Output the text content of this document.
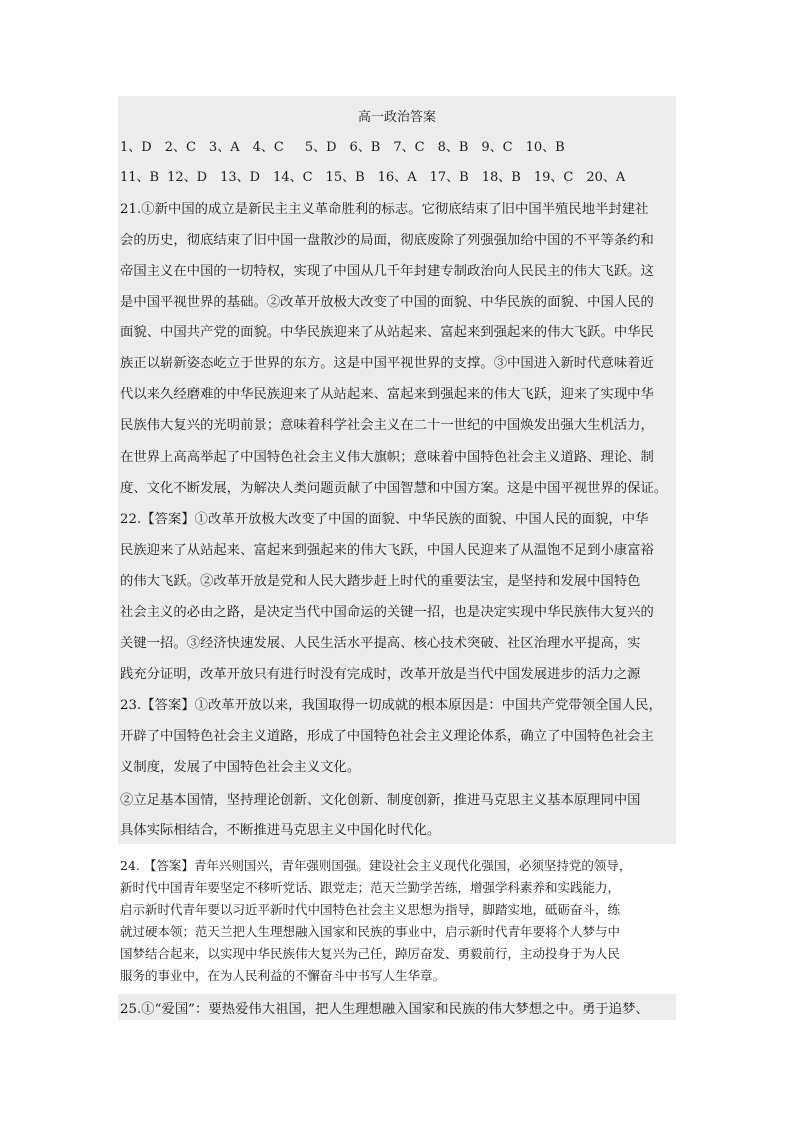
高一政治答案
1、D 2、C 3、A 4、C 5、D 6、B 7、C 8、B 9、C 10、B
11、B 12、D 13、D 14、C 15、B 16、A 17、B 18、B 19、C 20、A
21.①新中国的成立是新民主主义革命胜利的标志。它彻底结束了旧中国半殖民地半封建社
会的历史，彻底结束了旧中国一盘散沙的局面，彻底废除了列强强加给中国的不平等条约和
帝国主义在中国的一切特权，实现了中国从几千年封建专制政治向人民民主的伟大飞跃。这
是中国平视世界的基础。②改革开放极大改变了中国的面貌、中华民族的面貌、中国人民的
面貌、中国共产党的面貌。中华民族迎来了从站起来、富起来到强起来的伟大飞跃。中华民
族正以崭新姿态屹立于世界的东方。这是中国平视世界的支撑。③中国进入新时代意味着近
代以来久经磨难的中华民族迎来了从站起来、富起来到强起来的伟大飞跃，迎来了实现中华
民族伟大复兴的光明前景；意味着科学社会主义在二十一世纪的中国焕发出强大生机活力，
在世界上高高举起了中国特色社会主义伟大旗帜；意味着中国特色社会主义道路、理论、制
度、文化不断发展，为解决人类问题贡献了中国智慧和中国方案。这是中国平视世界的保证。
22.【答案】①改革开放极大改变了中国的面貌、中华民族的面貌、中国人民的面貌，中华
民族迎来了从站起来、富起来到强起来的伟大飞跃，中国人民迎来了从温饱不足到小康富裕
的伟大飞跃。②改革开放是党和人民大踏步赶上时代的重要法宝，是坚持和发展中国特色
社会主义的必由之路，是决定当代中国命运的关键一招，也是决定实现中华民族伟大复兴的
关键一招。③经济快速发展、人民生活水平提高、核心技术突破、社区治理水平提高，实
践充分证明，改革开放只有进行时没有完成时，改革开放是当代中国发展进步的活力之源
23.【答案】①改革开放以来，我国取得一切成就的根本原因是：中国共产党带领全国人民，
开辟了中国特色社会主义道路，形成了中国特色社会主义理论体系，确立了中国特色社会主
义制度，发展了中国特色社会主义文化。
②立足基本国情，坚持理论创新、文化创新、制度创新，推进马克思主义基本原理同中国
具体实际相结合，不断推进马克思主义中国化时代化。
24. 【答案】青年兴则国兴，青年强则国强。建设社会主义现代化强国，必须坚持党的领导，
新时代中国青年要坚定不移听党话、跟党走；范天兰勤学苦练，增强学科素养和实践能力，
启示新时代青年要以习近平新时代中国特色社会主义思想为指导，脚踏实地，砥砺奋斗，练
就过硬本领；范天兰把人生理想融入国家和民族的事业中，启示新时代青年要将个人梦与中
国梦结合起来，以实现中华民族伟大复兴为己任，踔厉奋发、勇毅前行，主动投身于为人民
服务的事业中，在为人民利益的不懈奋斗中书写人生华章。
25.①“爱国”：要热爱伟大祖国，把人生理想融入国家和民族的伟大梦想之中。勇于追梦、
